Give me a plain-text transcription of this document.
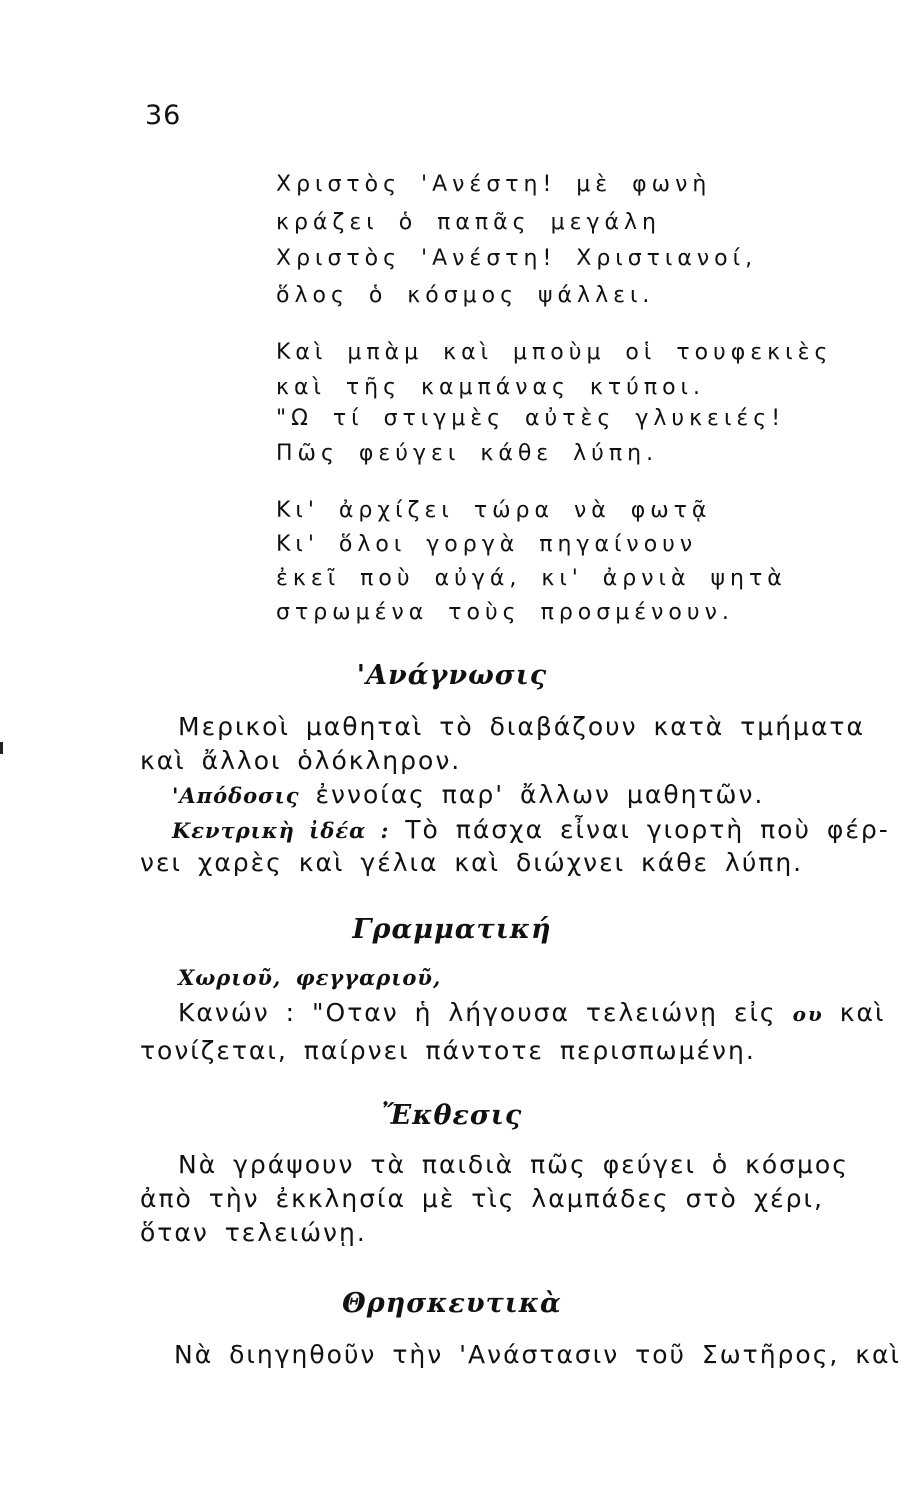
36
Χριστὸς 'Ανέστη! μὲ φωνὴ
κράζει ὁ παπᾶς μεγάλη
Χριστὸς 'Ανέστη! Χριστιανοί,
ὅλος ὁ κόσμος ψάλλει.
Καὶ μπὰμ καὶ μποὺμ οἱ τουφεκιὲς
καὶ τῆς καμπάνας κτύποι.
"Ω τί στιγμὲς αὐτὲς γλυκειές!
Πῶς φεύγει κάθε λύπη.
Κι' ἀρχίζει τώρα νὰ φωτᾷ
Κι' ὅλοι γοργὰ πηγαίνουν
ἐκεῖ ποὺ αὐγά, κι' ἀρνιὰ ψητὰ
στρωμένα τοὺς προσμένουν.
'Ανάγνωσις
Μερικοὶ μαθηταὶ τὸ διαβάζουν κατὰ τμήματα
καὶ ἄλλοι ὁλόκληρον.
'Απόδοσις ἐννοίας παρ' ἄλλων μαθητῶν.
Κεντρικὴ ἰδέα : Τὸ πάσχα εἶναι γιορτὴ ποὺ φέρ-
νει χαρὲς καὶ γέλια καὶ διώχνει κάθε λύπη.
Γραμματική
Χωριοῦ, φεγγαριοῦ,
Κανών : "Οταν ἡ λήγουσα τελειώνῃ εἰς ου καὶ
τονίζεται, παίρνει πάντοτε περισπωμένη.
Ἔκθεσις
Νὰ γράψουν τὰ παιδιὰ πῶς φεύγει ὁ κόσμος
ἀπὸ τὴν ἐκκλησία μὲ τὶς λαμπάδες στὸ χέρι,
ὅταν τελειώνῃ.
Θρησκευτικὰ
Νὰ διηγηθοῦν τὴν 'Ανάστασιν τοῦ Σωτῆρος, καὶ
